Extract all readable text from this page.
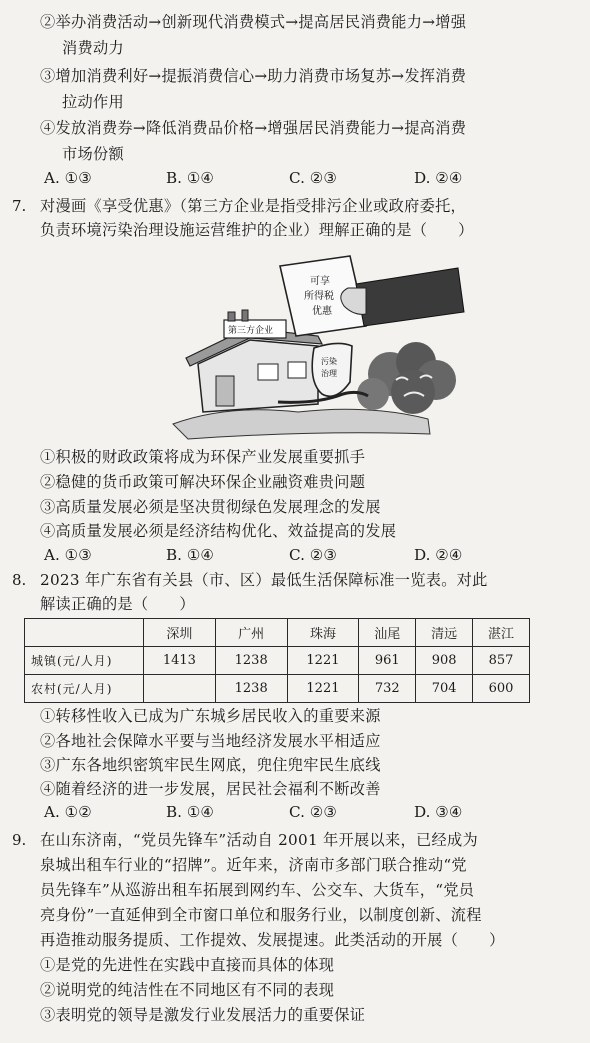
②举办消费活动→创新现代消费模式→提高居民消费能力→增强
消费动力
③增加消费利好→提振消费信心→助力消费市场复苏→发挥消费
拉动作用
④发放消费券→降低消费品价格→增强居民消费能力→提高消费
市场份额
A. ①③	B. ①④	C. ②③	D. ②④
7. 对漫画《享受优惠》（第三方企业是指受排污企业或政府委托，
负责环境污染治理设施运营维护的企业）理解正确的是（　　）
第三方企业
污染
治理
可享
所得税
优惠
①积极的财政政策将成为环保产业发展重要抓手
②稳健的货币政策可解决环保企业融资难贵问题
③高质量发展必须是坚决贯彻绿色发展理念的发展
④高质量发展必须是经济结构优化、效益提高的发展
A. ①③	B. ①④	C. ②③	D. ②④
8. 2023 年广东省有关县（市、区）最低生活保障标准一览表。对此
解读正确的是（　　）
	深圳	广州	珠海	汕尾	清远	湛江
城镇(元/人月)	1413	1238	1221	961	908	857
农村(元/人月)		1238	1221	732	704	600
①转移性收入已成为广东城乡居民收入的重要来源
②各地社会保障水平要与当地经济发展水平相适应
③广东各地织密筑牢民生网底，兜住兜牢民生底线
④随着经济的进一步发展，居民社会福利不断改善
A. ①②	B. ①④	C. ②③	D. ③④
9. 在山东济南，“党员先锋车”活动自 2001 年开展以来，已经成为
泉城出租车行业的“招牌”。近年来，济南市多部门联合推动“党
员先锋车”从巡游出租车拓展到网约车、公交车、大货车，“党员
亮身份”一直延伸到全市窗口单位和服务行业，以制度创新、流程
再造推动服务提质、工作提效、发展提速。此类活动的开展（　　）
①是党的先进性在实践中直接而具体的体现
②说明党的纯洁性在不同地区有不同的表现
③表明党的领导是激发行业发展活力的重要保证
